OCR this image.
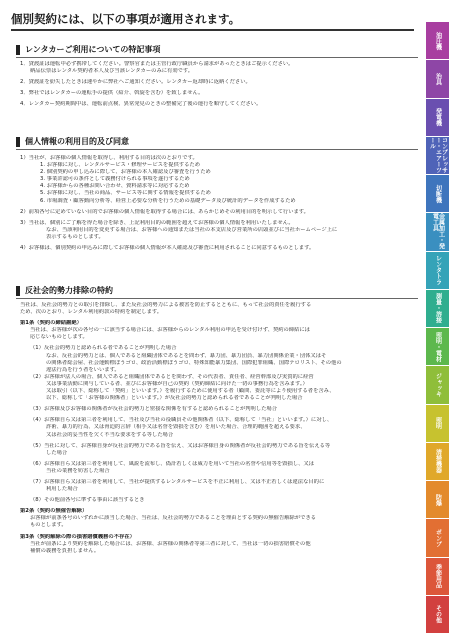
個別契約には、以下の事項が適用されます。
レンタカーご利用についての特記事項
1．貸渡証は運転中必ず携帯してください。警察官または主管行政庁職員から請求があったときはご提示ください。
納品伝票はレンタル契約者本人及び当該レンタカーのみに有効です。
2．貸渡証を紛失したときは速やかに弊社へご通知ください。レンタカー返却時に返納ください。
3．弊社ではレンタカーの運転手の提供（紹介、斡旋を含む）を致しません。
4．レンタカー契約期間中は、運転前点検、異常発見のときの整備完了後の運行を順守してください。
個人情報の利用目的及び同意
1）当社が、お客様の個人情報を取得し、利用する目的は次のとおりです。
1. お客様に対し、レンタルサービス・修理サービスを提供するため
2. 個別契約の申し込みに際して、お客様の本人確認及び審査を行うため
3. 事業許認可の条件として義務付けられる事項を遂行するため
4. お客様からの各種お問い合わせ、資料請求等に対応するため
5. お客様に対し、当社の商品、サービス等に関する情報を提供するため
6. 市場調査・顧客動向分析等、経営上必要な分析を行うための基礎データ及び統計的データを作成するため
2）前項各号に定めていない目的でお客様の個人情報を取得する場合には、あらかじめその利用目的を明示して行います。
3）当社は、個別にご了解を得た場合を除き、上記利用目的の範囲を超えてお客様の個人情報を利用いたしません。
なお、当該利用目的を変更する場合は、お客様への通知または当社の本支店及び営業所の店頭並びに当社ホームページ上に
表示するものとします。
4）お客様は、個別契約の申込みに際してお客様の個人情報が本人確認及び審査に利用されることに同意するものとします。
反社会的勢力排除の特約
当社は、反社会的勢力との取引を排除し、また反社会的勢力による被害を防止するとともに、もって社会的責任を履行する
ため、次のとおり、レンタル利用約款の特約を制定します。
第1条（契約の締結謝絶）
当社は、お客様が次の各号の一に該当する場合には、お客様からのレンタル利用の申込を受け付けず、契約の締結には
応じないものとします。
（1）反社会的勢力と認められる者であることが判明した場合
なお、反社会的勢力とは、個人であると組織団体であるとを問わず、暴力団、暴力団員、暴力団関係企業・団体又はそ
の関係者総会屋、社会運動標ぼうゴロ、政治活動標ぼうゴロ、特殊知能暴力集団、国際犯罪組織、国際テロリスト、その他の
違法行為を行う者をいいます。
（2）お客様が法人の場合、個人であると組織団体であるとを問わず、その代表者、責任者、経営幹部及び実質的に経営
又は事業活動に関与している者、並びにお客様が自己の契約（契約締結に向けた一切の事務行為を含みます。）
又は取引（以下、総称して「契約」といいます。）を履行するために使用する者（顧問、委託等により使用する者を含み、
以下、総称して「お客様の関係者」といいます。）が反社会的勢力と認められる者であることが判明した場合
（3）お客様及びお客様の関係者が反社会的勢力と密接な関係を有すると認められることが判明した場合
（4）お客様自ら又は第三者を利用して、当社及び当社の役職員その他関係者（以下、総称して「当社」といいます。）に対し、
詐術、暴力的行為、又は脅迫的言辞（相手又は名誉を毀損を含む）を用いた場合、合理的範囲を超える要求、
又は社会的妥当性を欠く不当な要求をする等した場合
（5）当社に対して、お客様自身が反社会的勢力である旨を伝え、又はお客様自身の関係者が反社会的勢力である旨を伝える等
した場合
（6）お客様自ら又は第三者を利用して、風説を流布し、偽計若しくは威力を用いて当社の名誉や信用等を毀損し、又は
当社の業務を妨害した場合
（7）お客様自ら又は第三者を利用して、当社が提供するレンタルサービスを不正に利用し、又は不正若しくは違法な目的に
利用した場合
（8）その他前各号に準ずる事由に該当するとき
第2条（契約の無催告解除）
お客様が前条各号のいずれかに該当した場合、当社は、反社会的勢力であることを理由とする契約の無催告解除ができる
ものとします。
第3条（契約解除の際の損害賠償義務の不存在）
当社が前条により契約を解除した場合には、お客様、お客様の関係者等第三者に対して、当社は一切の損害賠償その他
補償の義務を負担しません。
油圧機
治具
発電機
コンプレッサー・エアーツール
切断機
金属加工・発電工具
レンタトラ
測量・溶接
照明・電材
ジャッキ
照明
清掃機器
防爆
ポンプ
季節用品
その他
